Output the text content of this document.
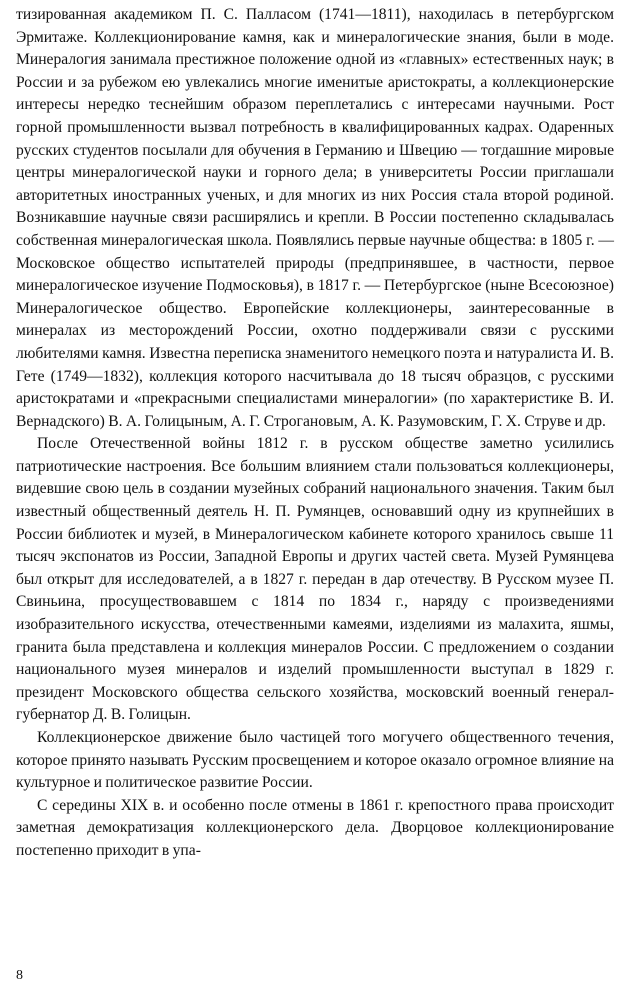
тизированная академиком П. С. Палласом (1741—1811), находилась в петербургском Эрмитаже. Коллекционирование камня, как и минералогические знания, были в моде. Минералогия занимала престижное положение одной из «главных» естественных наук; в России и за рубежом ею увлекались многие именитые аристократы, а коллекционерские интересы нередко теснейшим образом переплетались с интересами научными. Рост горной промышленности вызвал потребность в квалифицированных кадрах. Одаренных русских студентов посылали для обучения в Германию и Швецию — тогдашние мировые центры минералогической науки и горного дела; в университеты России приглашали авторитетных иностранных ученых, и для многих из них Россия стала второй родиной. Возникавшие научные связи расширялись и крепли. В России постепенно складывалась собственная минералогическая школа. Появлялись первые научные общества: в 1805 г. — Московское общество испытателей природы (предпринявшее, в частности, первое минералогическое изучение Подмосковья), в 1817 г. — Петербургское (ныне Всесоюзное) Минералогическое общество. Европейские коллекционеры, заинтересованные в минералах из месторождений России, охотно поддерживали связи с русскими любителями камня. Известна переписка знаменитого немецкого поэта и натуралиста И. В. Гете (1749—1832), коллекция которого насчитывала до 18 тысяч образцов, с русскими аристократами и «прекрасными специалистами минералогии» (по характеристике В. И. Вернадского) В. А. Голицыным, А. Г. Строгановым, А. К. Разумовским, Г. Х. Струве и др.

После Отечественной войны 1812 г. в русском обществе заметно усилились патриотические настроения. Все большим влиянием стали пользоваться коллекционеры, видевшие свою цель в создании музейных собраний национального значения. Таким был известный общественный деятель Н. П. Румянцев, основавший одну из крупнейших в России библиотек и музей, в Минералогическом кабинете которого хранилось свыше 11 тысяч экспонатов из России, Западной Европы и других частей света. Музей Румянцева был открыт для исследователей, а в 1827 г. передан в дар отечеству. В Русском музее П. Свиньина, просуществовавшем с 1814 по 1834 г., наряду с произведениями изобразительного искусства, отечественными камеями, изделиями из малахита, яшмы, гранита была представлена и коллекция минералов России. С предложением о создании национального музея минералов и изделий промышленности выступал в 1829 г. президент Московского общества сельского хозяйства, московский военный генерал-губернатор Д. В. Голицын.

Коллекционерское движение было частицей того могучего общественного течения, которое принято называть Русским просвещением и которое оказало огромное влияние на культурное и политическое развитие России.

С середины XIX в. и особенно после отмены в 1861 г. крепостного права происходит заметная демократизация коллекционерского дела. Дворцовое коллекционирование постепенно приходит в упа-

8
